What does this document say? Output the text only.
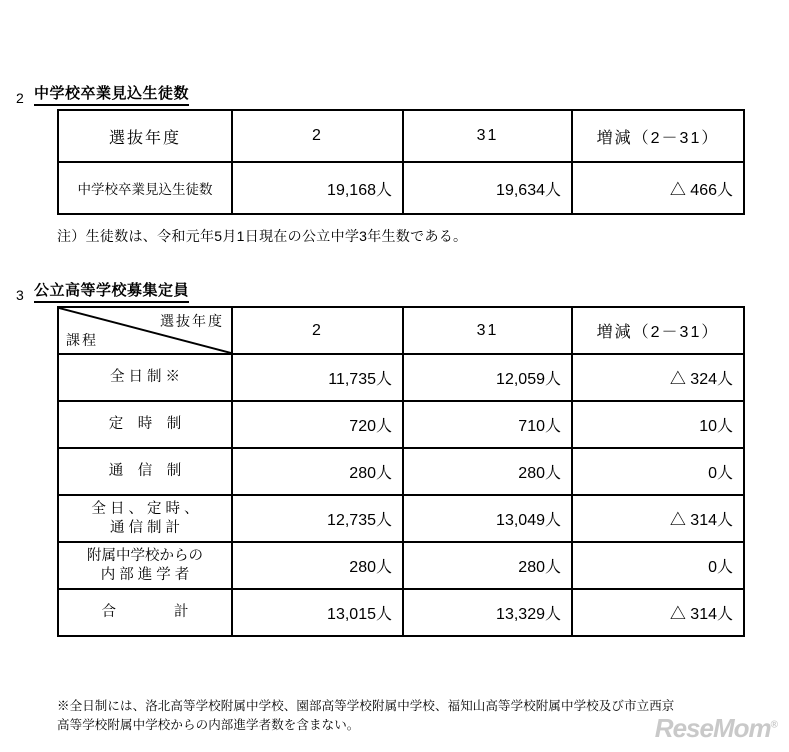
2 中学校卒業見込生徒数
選抜年度	2	31	増減（2－31）
中学校卒業見込生徒数	19,168人	19,634人	△ 466人
注）生徒数は、令和元年5月1日現在の公立中学3年生数である。
3 公立高等学校募集定員
選抜年度
課程	2	31	増減（2－31）
全 日 制 ※	11,735人	12,059人	△ 324人
定　時　制	720人	710人	10人
通　信　制	280人	280人	0人
全 日 、 定 時 、
通 信 制 計	12,735人	13,049人	△ 314人
附属中学校からの
内 部 進 学 者	280人	280人	0人
合　　　　計	13,015人	13,329人	△ 314人
※全日制には、洛北高等学校附属中学校、園部高等学校附属中学校、福知山高等学校附属中学校及び市立西京
高等学校附属中学校からの内部進学者数を含まない。	ReseMom®
